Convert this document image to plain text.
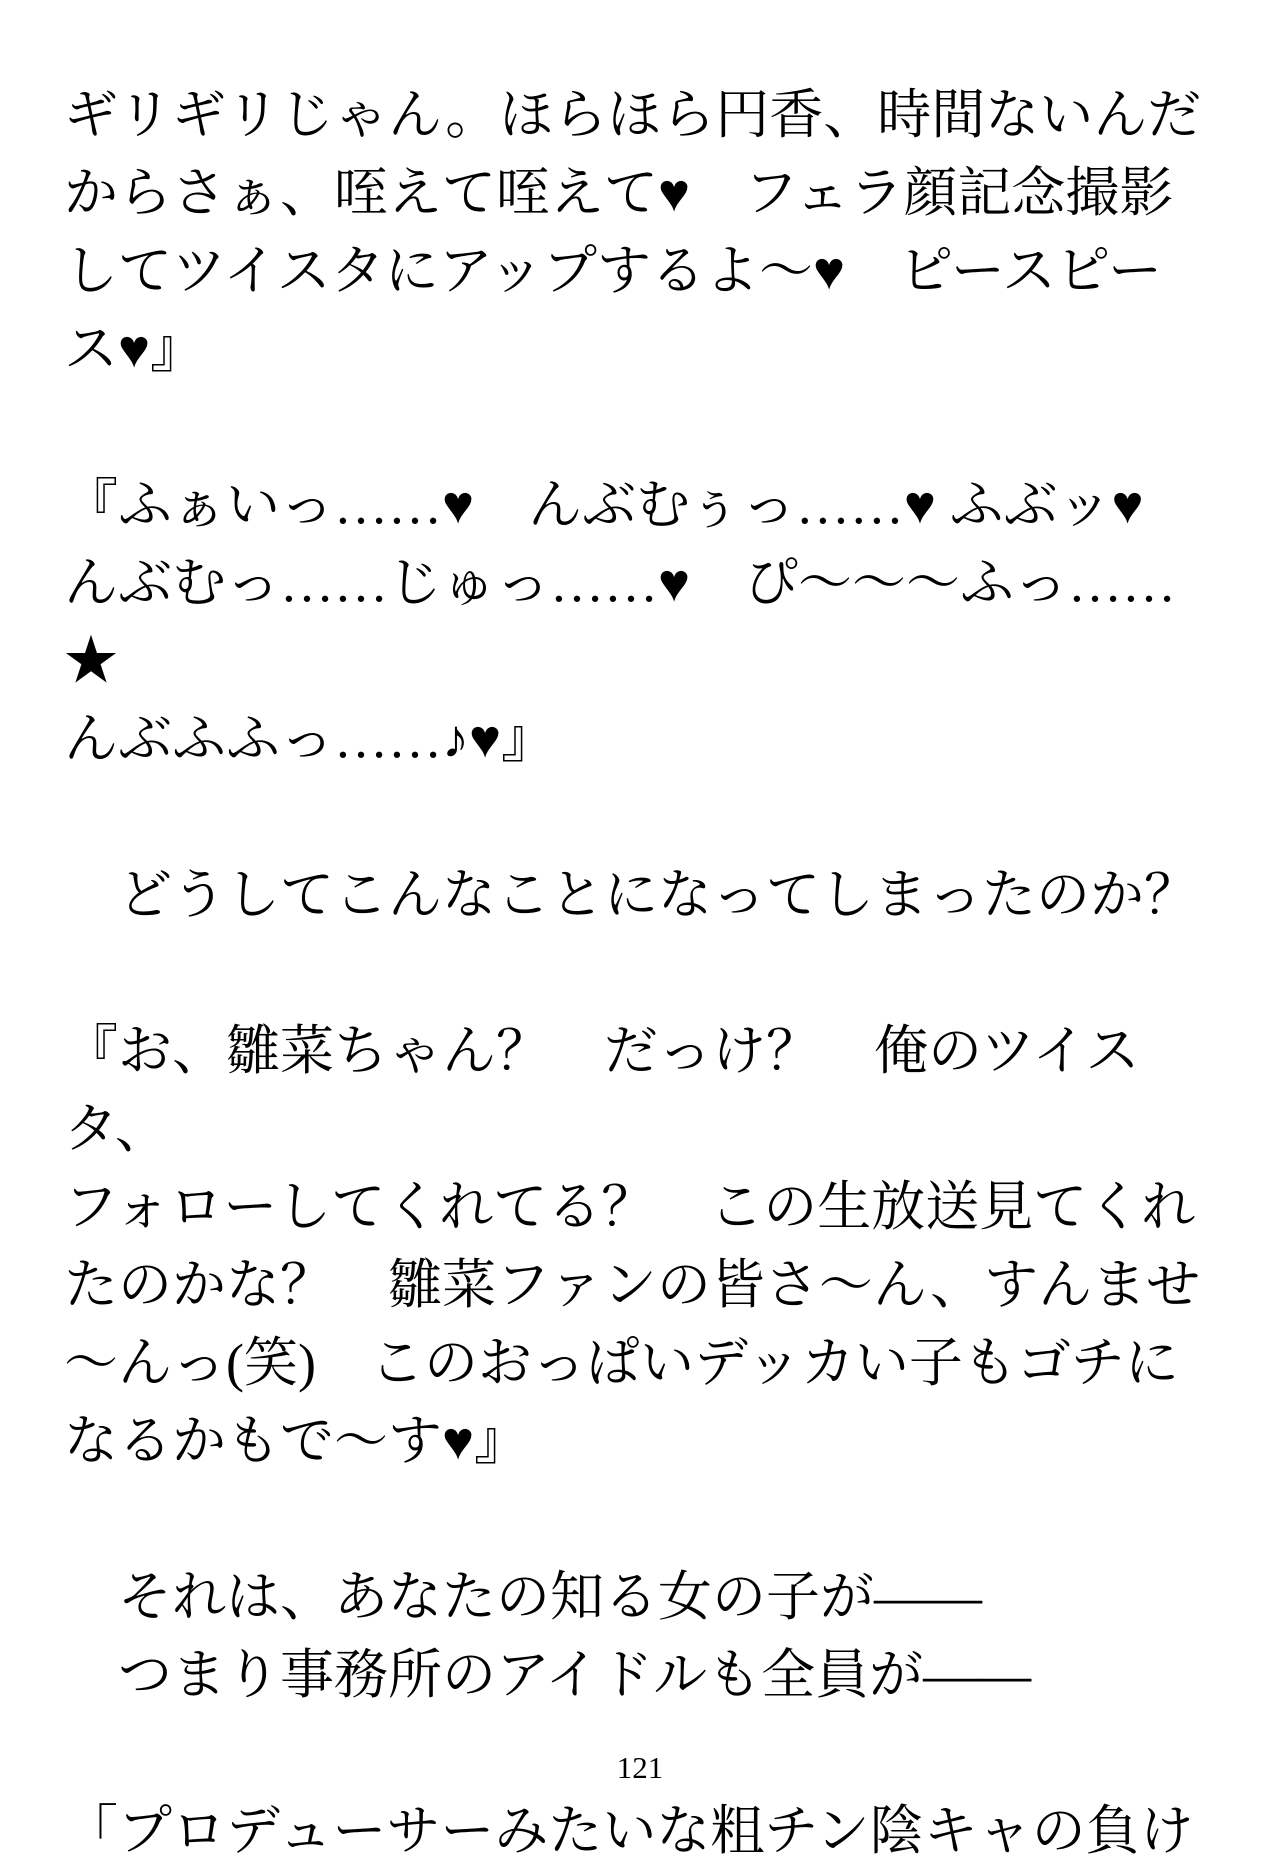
ギリギリじゃん。ほらほら円香、時間ないんだ
からさぁ、咥えて咥えて♥　フェラ顔記念撮影
してツイスタにアップするよ〜♥　ピースピー
ス♥』

『ふぁいっ……♥　んぶむぅっ……♥ ふぶッ♥
んぶむっ……じゅっ……♥　ぴ〜〜〜ふっ……★
んぶふふっ……♪♥』

　どうしてこんなことになってしまったのか？

『お、雛菜ちゃん？　だっけ？　俺のツイスタ、
フォローしてくれてる？　この生放送見てくれ
たのかな？　雛菜ファンの皆さ〜ん、すんませ
〜んっ(笑)　このおっぱいデッカい子もゴチに
なるかもで〜す♥』

　それは、あなたの知る女の子が――
　つまり事務所のアイドルも全員が――

「プロデューサーみたいな粗チン陰キャの負け

121
